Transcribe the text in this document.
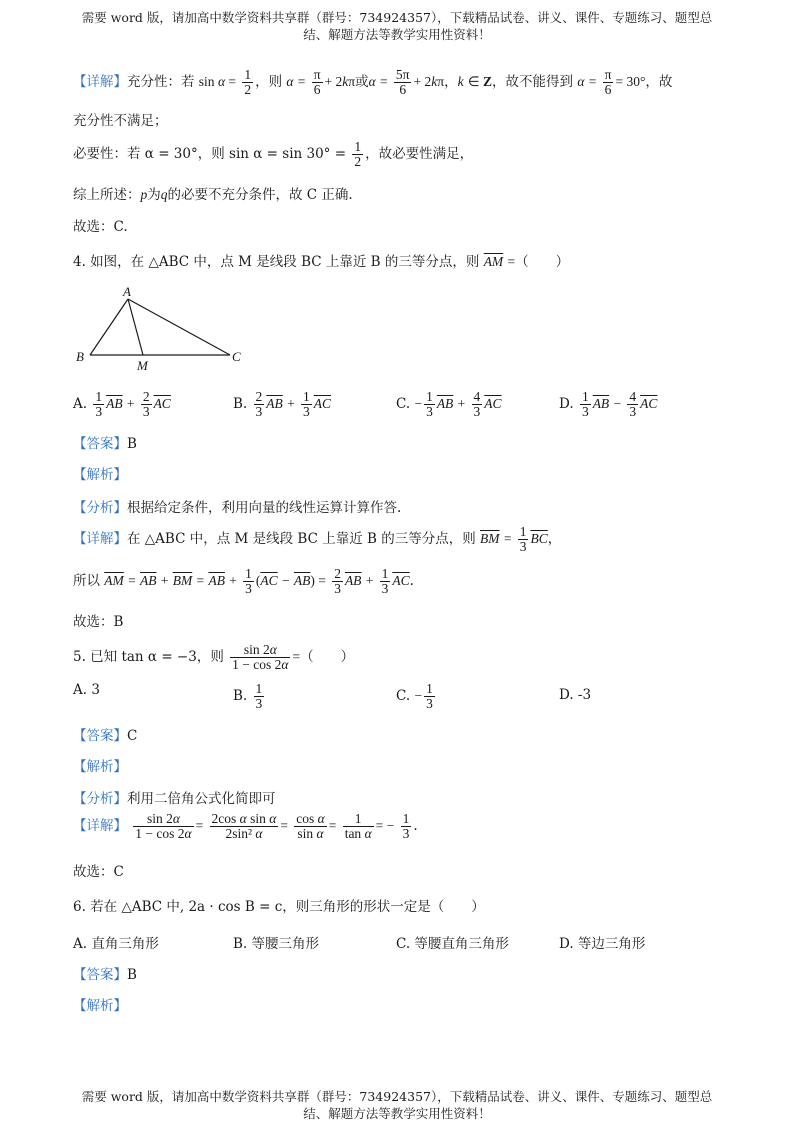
需要 word 版，请加高中数学资料共享群（群号：734924357），下载精品试卷、讲义、课件、专题练习、题型总
结、解题方法等教学实用性资料！
【详解】充分性：若 $\sin \alpha = \frac{1}{2}$ ，则 $\alpha = \frac{\pi}{6} + 2k\pi$或$\alpha = \frac{5\pi}{6} + 2k\pi$，k ∈ Z，故不能得到 $\alpha = \frac{\pi}{6} = 30^\circ$，故
充分性不满足；
必要性：若 α = 30°，则 $\sin \alpha = \sin 30^\circ = \frac{1}{2}$ ，故必要性满足，
综上所述：p为q的必要不充分条件，故 C 正确.
故选：C.
4. 如图，在 △ABC 中，点 M 是线段 BC 上靠近 B 的三等分点，则 $\overline{AM}$ =（　　）
A
B	C
M
A. $\frac{1}{3} \overline{AB} + \frac{2}{3} \overline{AC}$	B. $\frac{2}{3} \overline{AB} + \frac{1}{3} \overline{AC}$	C. − $\frac{1}{3} \overline{AB} + \frac{4}{3} \overline{AC}$	D. $\frac{1}{3} \overline{AB} - \frac{4}{3} \overline{AC}$
【答案】B
【解析】
【分析】根据给定条件，利用向量的线性运算计算作答.
【详解】在 △ABC 中，点 M 是线段 BC 上靠近 B 的三等分点，则 $\overline{BM} = \frac{1}{3} \overline{BC}$，
所以 $\overline{AM} = \overline{AB} + \overline{BM} = \overline{AB} + \frac{1}{3} (\overline{AC} - \overline{AB}) = \frac{2}{3} \overline{AB} + \frac{1}{3} \overline{AC}$.
故选：B
5. 已知 tan α = −3，则 $\frac{\sin 2\alpha}{1 - \cos 2\alpha}$ =（　　）
A. 3	B. $\frac{1}{3}$	C. − $\frac{1}{3}$	D. -3
【答案】C
【解析】
【分析】利用二倍角公式化简即可
【详解】 $\frac{\sin 2\alpha}{1 - \cos 2\alpha} = \frac{\text{2cos α sin α}}{\text{2sin² α}} = \frac{\text{cos α}}{\text{sin α}} = \frac{1}{\text{tan α}}$ = − $\frac{1}{3}$ .
故选：C
6. 若在 △ABC 中, 2a · cos B = c，则三角形的形状一定是（　　）
A. 直角三角形	B. 等腰三角形	C. 等腰直角三角形	D. 等边三角形
【答案】B
【解析】
需要 word 版，请加高中数学资料共享群（群号：734924357），下载精品试卷、讲义、课件、专题练习、题型总
结、解题方法等教学实用性资料！
